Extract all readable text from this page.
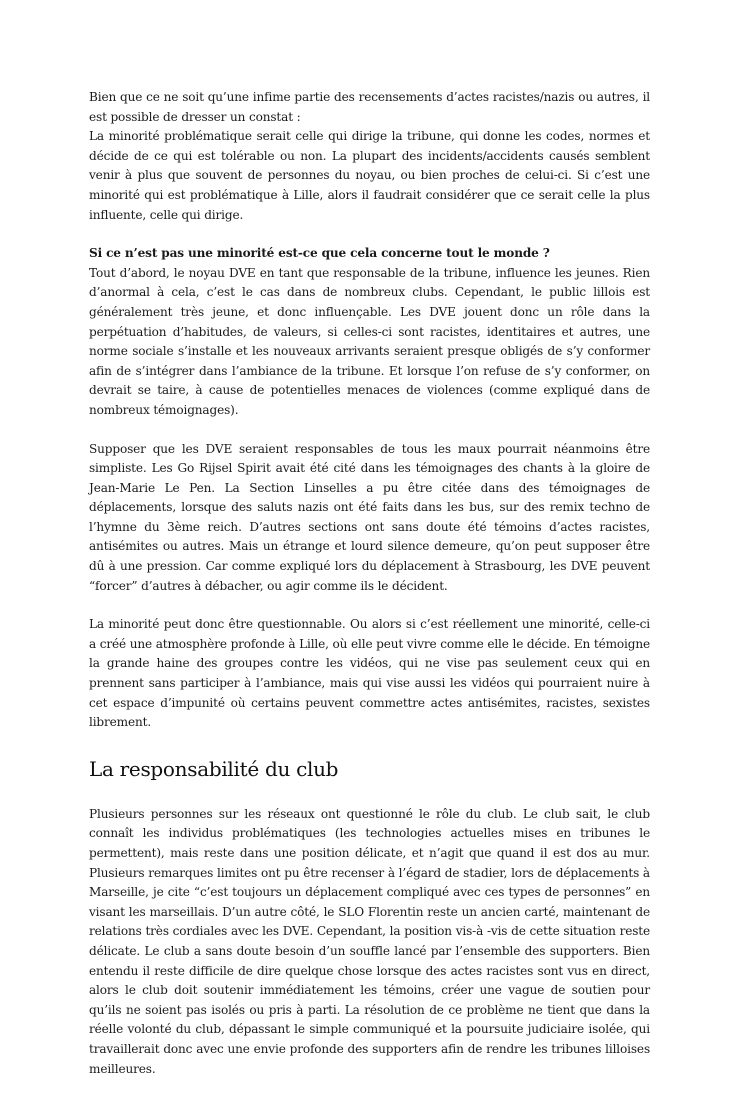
Bien que ce ne soit qu’une infime partie des recensements d’actes racistes/nazis ou autres, il est possible de dresser un constat :
La minorité problématique serait celle qui dirige la tribune, qui donne les codes, normes et décide de ce qui est tolérable ou non. La plupart des incidents/accidents causés semblent venir à plus que souvent de personnes du noyau, ou bien proches de celui-ci. Si c’est une minorité qui est problématique à Lille, alors il faudrait considérer que ce serait celle la plus influente, celle qui dirige.

Si ce n’est pas une minorité est-ce que cela concerne tout le monde ?
Tout d’abord, le noyau DVE en tant que responsable de la tribune, influence les jeunes. Rien d’anormal à cela, c’est le cas dans de nombreux clubs. Cependant, le public lillois est généralement très jeune, et donc influençable. Les DVE jouent donc un rôle dans la perpétuation d’habitudes, de valeurs, si celles-ci sont racistes, identitaires et autres, une norme sociale s’installe et les nouveaux arrivants seraient presque obligés de s’y conformer afin de s’intégrer dans l’ambiance de la tribune. Et lorsque l’on refuse de s’y conformer, on devrait se taire, à cause de potentielles menaces de violences (comme expliqué dans de nombreux témoignages).

Supposer que les DVE seraient responsables de tous les maux pourrait néanmoins être simpliste. Les Go Rijsel Spirit avait été cité dans les témoignages des chants à la gloire de Jean-Marie Le Pen. La Section Linselles a pu être citée dans des témoignages de déplacements, lorsque des saluts nazis ont été faits dans les bus, sur des remix techno de l’hymne du 3ème reich. D’autres sections ont sans doute été témoins d’actes racistes, antisémites ou autres. Mais un étrange et lourd silence demeure, qu’on peut supposer être dû à une pression. Car comme expliqué lors du déplacement à Strasbourg, les DVE peuvent “forcer” d’autres à débacher, ou agir comme ils le décident.

La minorité peut donc être questionnable. Ou alors si c’est réellement une minorité, celle-ci a créé une atmosphère profonde à Lille, où elle peut vivre comme elle le décide. En témoigne la grande haine des groupes contre les vidéos, qui ne vise pas seulement ceux qui en prennent sans participer à l’ambiance, mais qui vise aussi les vidéos qui pourraient nuire à cet espace d’impunité où certains peuvent commettre actes antisémites, racistes, sexistes librement.

La responsabilité du club

Plusieurs personnes sur les réseaux ont questionné le rôle du club. Le club sait, le club connaît les individus problématiques (les technologies actuelles mises en tribunes le permettent), mais reste dans une position délicate, et n’agit que quand il est dos au mur. Plusieurs remarques limites ont pu être recenser à l’égard de stadier, lors de déplacements à Marseille, je cite “c’est toujours un déplacement compliqué avec ces types de personnes” en visant les marseillais. D’un autre côté, le SLO Florentin reste un ancien carté, maintenant de relations très cordiales avec les DVE. Cependant, la position vis-à -vis de cette situation reste délicate. Le club a sans doute besoin d’un souffle lancé par l’ensemble des supporters. Bien entendu il reste difficile de dire quelque chose lorsque des actes racistes sont vus en direct, alors le club doit soutenir immédiatement les témoins, créer une vague de soutien pour qu’ils ne soient pas isolés ou pris à parti. La résolution de ce problème ne tient que dans la réelle volonté du club, dépassant le simple communiqué et la poursuite judiciaire isolée, qui travaillerait donc avec une envie profonde des supporters afin de rendre les tribunes lilloises meilleures.
